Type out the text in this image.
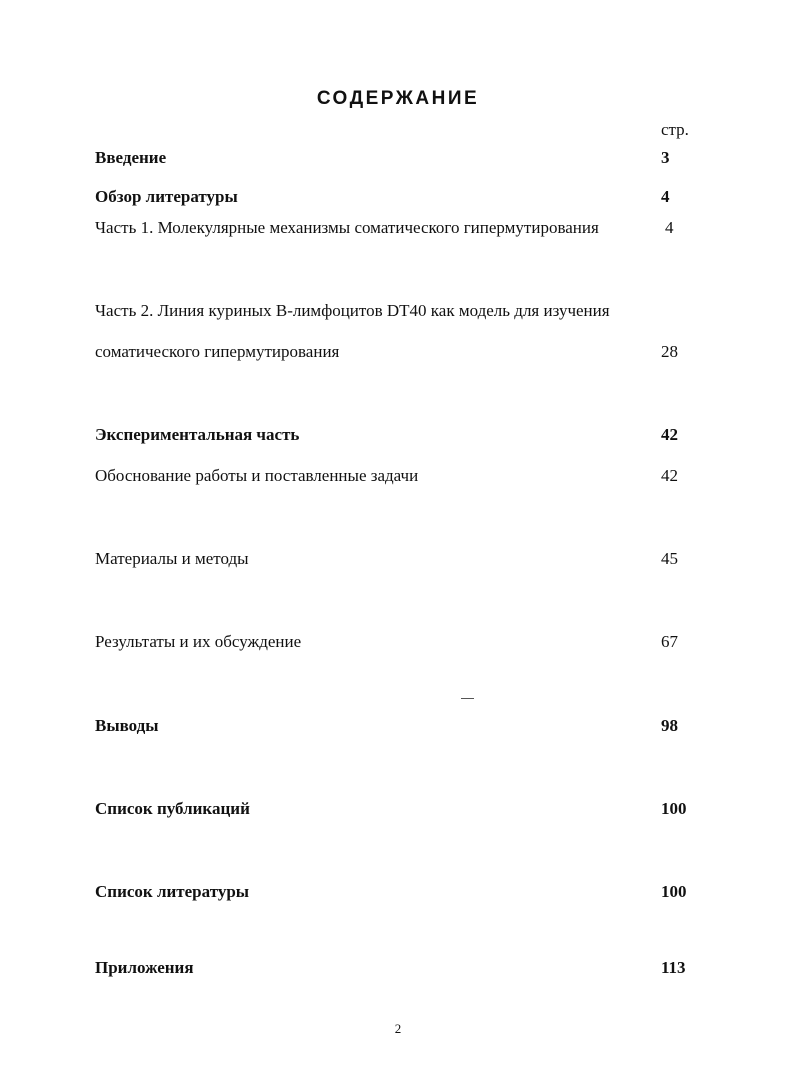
СОДЕРЖАНИЕ
стр.
Введение	3
Обзор литературы	4
Часть 1. Молекулярные механизмы соматического гипермутирования	4
Часть 2. Линия куриных B-лимфоцитов DT40 как модель для изучения
соматического гипермутирования	28
Экспериментальная часть	42
Обоснование работы и поставленные задачи	42
Материалы и методы	45
Результаты и их обсуждение	67
Выводы	98
Список публикаций	100
Список литературы	100
Приложения	113
2
